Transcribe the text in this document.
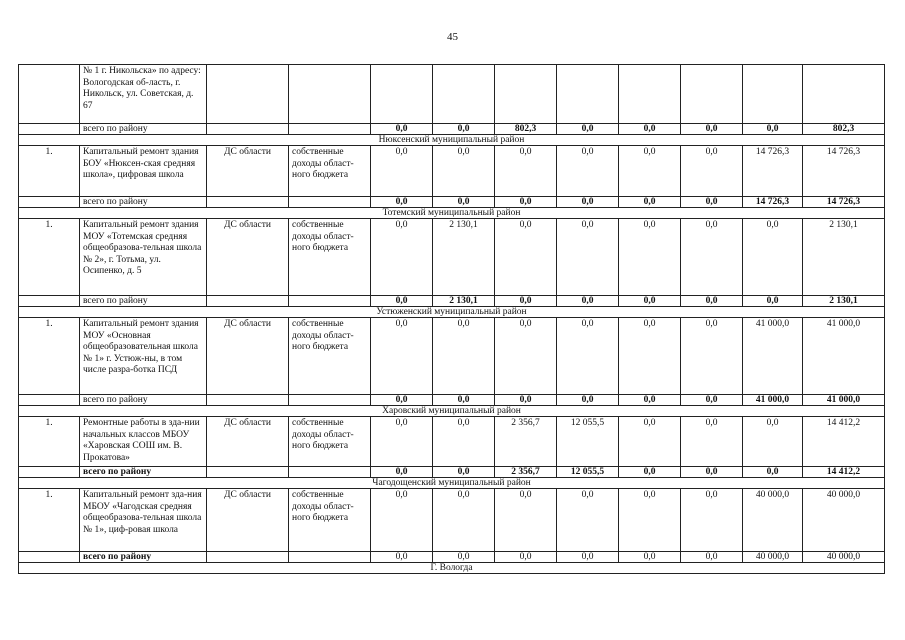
45
	№ 1 г. Никольска» по адресу: Вологодская об-ласть, г. Никольск, ул. Советская, д. 67										
	всего по району			0,0	0,0	802,3	0,0	0,0	0,0	0,0	802,3
Нюксенский муниципальный район											
1.	Капитальный ремонт здания БОУ «Нюксен-ская средняя школа», цифровая школа	ДС области	собственные доходы област-ного бюджета	0,0	0,0	0,0	0,0	0,0	0,0	14 726,3	14 726,3
	всего по району			0,0	0,0	0,0	0,0	0,0	0,0	14 726,3	14 726,3
Тотемский муниципальный район											
1.	Капитальный ремонт здания МОУ «Тотемская средняя общеобразова-тельная школа № 2», г. Тотьма, ул. Осипенко, д. 5	ДС области	собственные доходы област-ного бюджета	0,0	2 130,1	0,0	0,0	0,0	0,0	0,0	2 130,1
	всего по району			0,0	2 130,1	0,0	0,0	0,0	0,0	0,0	2 130,1
Устюженский муниципальный район											
1.	Капитальный ремонт здания МОУ «Основная общеобразовательная школа № 1» г. Устюж-ны, в том числе разра-ботка ПСД	ДС области	собственные доходы област-ного бюджета	0,0	0,0	0,0	0,0	0,0	0,0	41 000,0	41 000,0
	всего по району			0,0	0,0	0,0	0,0	0,0	0,0	41 000,0	41 000,0
Харовский муниципальный район											
1.	Ремонтные работы в зда-нии начальных классов МБОУ «Харовская СОШ им. В. Прокатова»	ДС области	собственные доходы област-ного бюджета	0,0	0,0	2 356,7	12 055,5	0,0	0,0	0,0	14 412,2
	всего по району			0,0	0,0	2 356,7	12 055,5	0,0	0,0	0,0	14 412,2
Чагодощенский муниципальный район											
1.	Капитальный ремонт зда-ния МБОУ «Чагодская средняя общеобразова-тельная школа № 1», циф-ровая школа	ДС области	собственные доходы област-ного бюджета	0,0	0,0	0,0	0,0	0,0	0,0	40 000,0	40 000,0
	всего по району			0,0	0,0	0,0	0,0	0,0	0,0	40 000,0	40 000,0
Г. Вологда											
